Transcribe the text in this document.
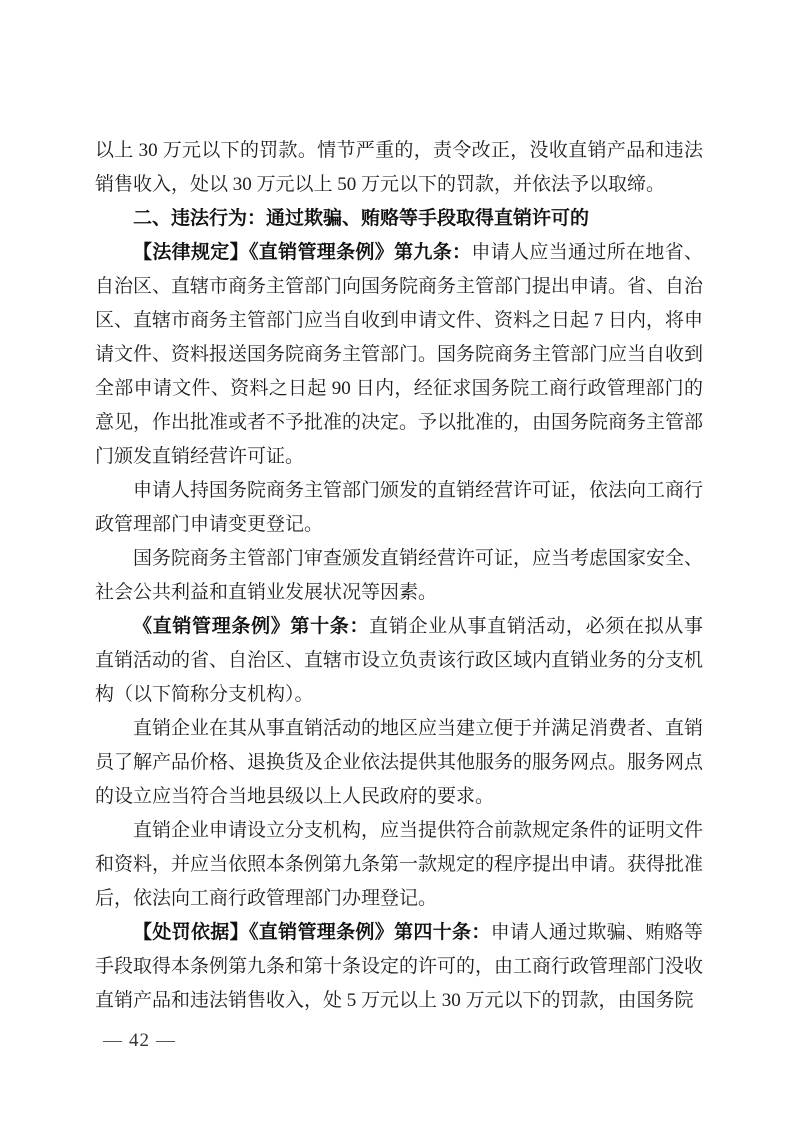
以上 30 万元以下的罚款。情节严重的，责令改正，没收直销产品和违法销售收入，处以 30 万元以上 50 万元以下的罚款，并依法予以取缔。

二、违法行为：通过欺骗、贿赂等手段取得直销许可的

【法律规定】《直销管理条例》第九条：申请人应当通过所在地省、自治区、直辖市商务主管部门向国务院商务主管部门提出申请。省、自治区、直辖市商务主管部门应当自收到申请文件、资料之日起 7 日内，将申请文件、资料报送国务院商务主管部门。国务院商务主管部门应当自收到全部申请文件、资料之日起 90 日内，经征求国务院工商行政管理部门的意见，作出批准或者不予批准的决定。予以批准的，由国务院商务主管部门颁发直销经营许可证。

申请人持国务院商务主管部门颁发的直销经营许可证，依法向工商行政管理部门申请变更登记。

国务院商务主管部门审查颁发直销经营许可证，应当考虑国家安全、社会公共利益和直销业发展状况等因素。

《直销管理条例》第十条：直销企业从事直销活动，必须在拟从事直销活动的省、自治区、直辖市设立负责该行政区域内直销业务的分支机构（以下简称分支机构）。

直销企业在其从事直销活动的地区应当建立便于并满足消费者、直销员了解产品价格、退换货及企业依法提供其他服务的服务网点。服务网点的设立应当符合当地县级以上人民政府的要求。

直销企业申请设立分支机构，应当提供符合前款规定条件的证明文件和资料，并应当依照本条例第九条第一款规定的程序提出申请。获得批准后，依法向工商行政管理部门办理登记。

【处罚依据】《直销管理条例》第四十条：申请人通过欺骗、贿赂等手段取得本条例第九条和第十条设定的许可的，由工商行政管理部门没收直销产品和违法销售收入，处 5 万元以上 30 万元以下的罚款，由国务院

— 42 —
